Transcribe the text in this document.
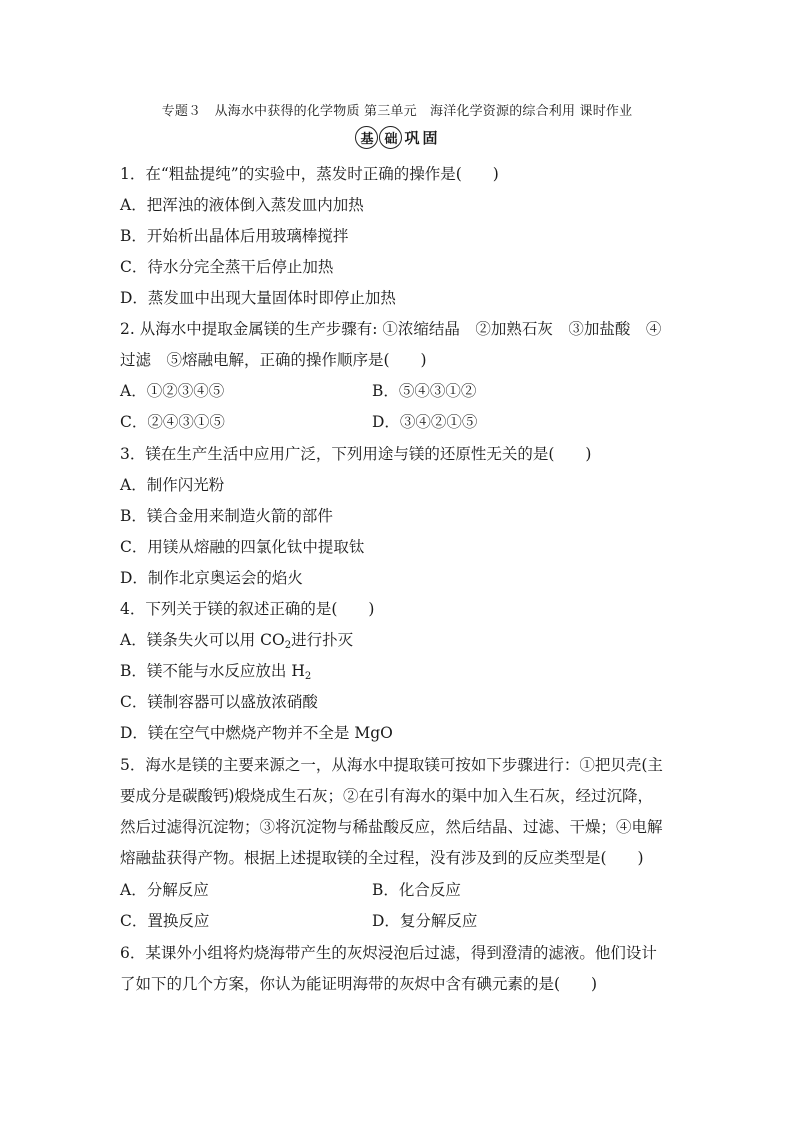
专题３　从海水中获得的化学物质 第三单元　海洋化学资源的综合利用 课时作业
基 础 巩 固
1．在“粗盐提纯”的实验中，蒸发时正确的操作是(　　)
A．把浑浊的液体倒入蒸发皿内加热
B．开始析出晶体后用玻璃棒搅拌
C．待水分完全蒸干后停止加热
D．蒸发皿中出现大量固体时即停止加热
2. 从海水中提取金属镁的生产步骤有: ①浓缩结晶　②加熟石灰　③加盐酸　④
过滤　⑤熔融电解，正确的操作顺序是(　　)
A．①②③④⑤	B．⑤④③①②
C．②④③①⑤	D．③④②①⑤
3．镁在生产生活中应用广泛，下列用途与镁的还原性无关的是(　　)
A．制作闪光粉
B．镁合金用来制造火箭的部件
C．用镁从熔融的四氯化钛中提取钛
D．制作北京奥运会的焰火
4．下列关于镁的叙述正确的是(　　)
A．镁条失火可以用 $CO_2$进行扑灭
B．镁不能与水反应放出 $H_2$
C．镁制容器可以盛放浓硝酸
D．镁在空气中燃烧产物并不全是 MgO
5．海水是镁的主要来源之一，从海水中提取镁可按如下步骤进行：①把贝壳(主
要成分是碳酸钙)煅烧成生石灰；②在引有海水的渠中加入生石灰，经过沉降，
然后过滤得沉淀物；③将沉淀物与稀盐酸反应，然后结晶、过滤、干燥；④电解
熔融盐获得产物。根据上述提取镁的全过程，没有涉及到的反应类型是(　　)
A．分解反应	B．化合反应
C．置换反应	D．复分解反应
6．某课外小组将灼烧海带产生的灰烬浸泡后过滤，得到澄清的滤液。他们设计
了如下的几个方案，你认为能证明海带的灰烬中含有碘元素的是(　　)
